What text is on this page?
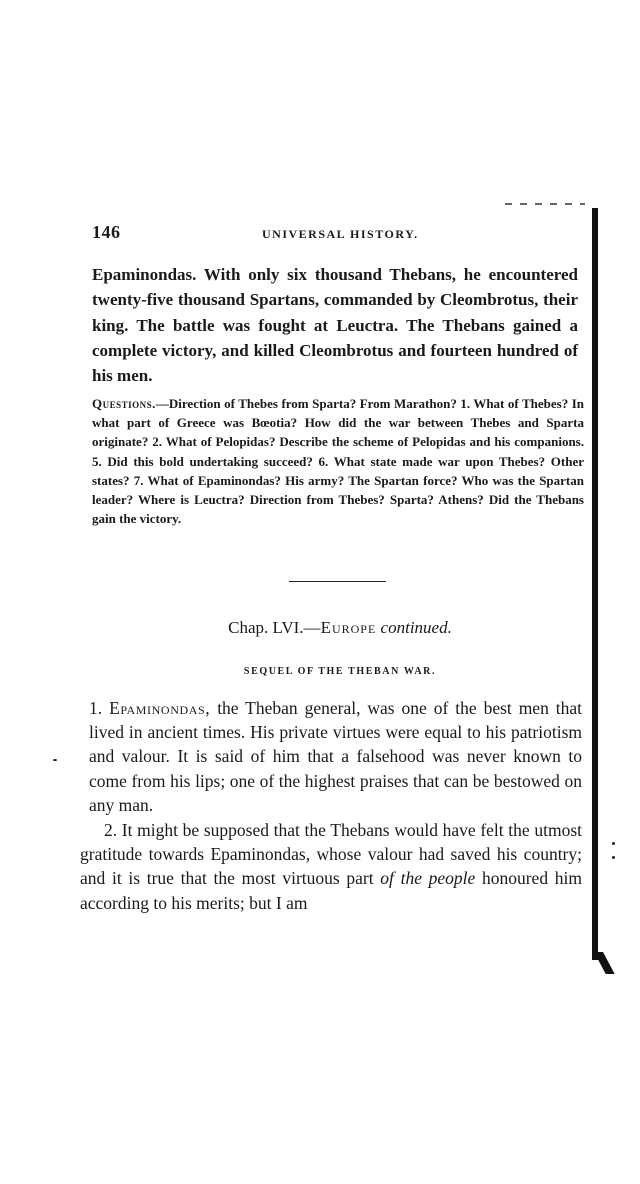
146	UNIVERSAL HISTORY.

Epaminondas. With only six thousand Thebans, he encountered twenty-five thousand Spartans, commanded by Cleombrotus, their king. The battle was fought at Leuctra. The Thebans gained a complete victory, and killed Cleombrotus and fourteen hundred of his men.

Questions.—Direction of Thebes from Sparta? From Marathon? 1. What of Thebes? In what part of Greece was Bœotia? How did the war between Thebes and Sparta originate? 2. What of Pelopidas? Describe the scheme of Pelopidas and his companions. 5. Did this bold undertaking succeed? 6. What state made war upon Thebes? Other states? 7. What of Epaminondas? His army? The Spartan force? Who was the Spartan leader? Where is Leuctra? Direction from Thebes? Sparta? Athens? Did the Thebans gain the victory.

Chap. LVI.—Europe continued.
SEQUEL OF THE THEBAN WAR.

1. Epaminondas, the Theban general, was one of the best men that lived in ancient times. His private virtues were equal to his patriotism and valour. It is said of him that a falsehood was never known to come from his lips; one of the highest praises that can be bestowed on any man.

2. It might be supposed that the Thebans would have felt the utmost gratitude towards Epaminondas, whose valour had saved his country; and it is true that the most virtuous part of the people honoured him according to his merits; but I am
